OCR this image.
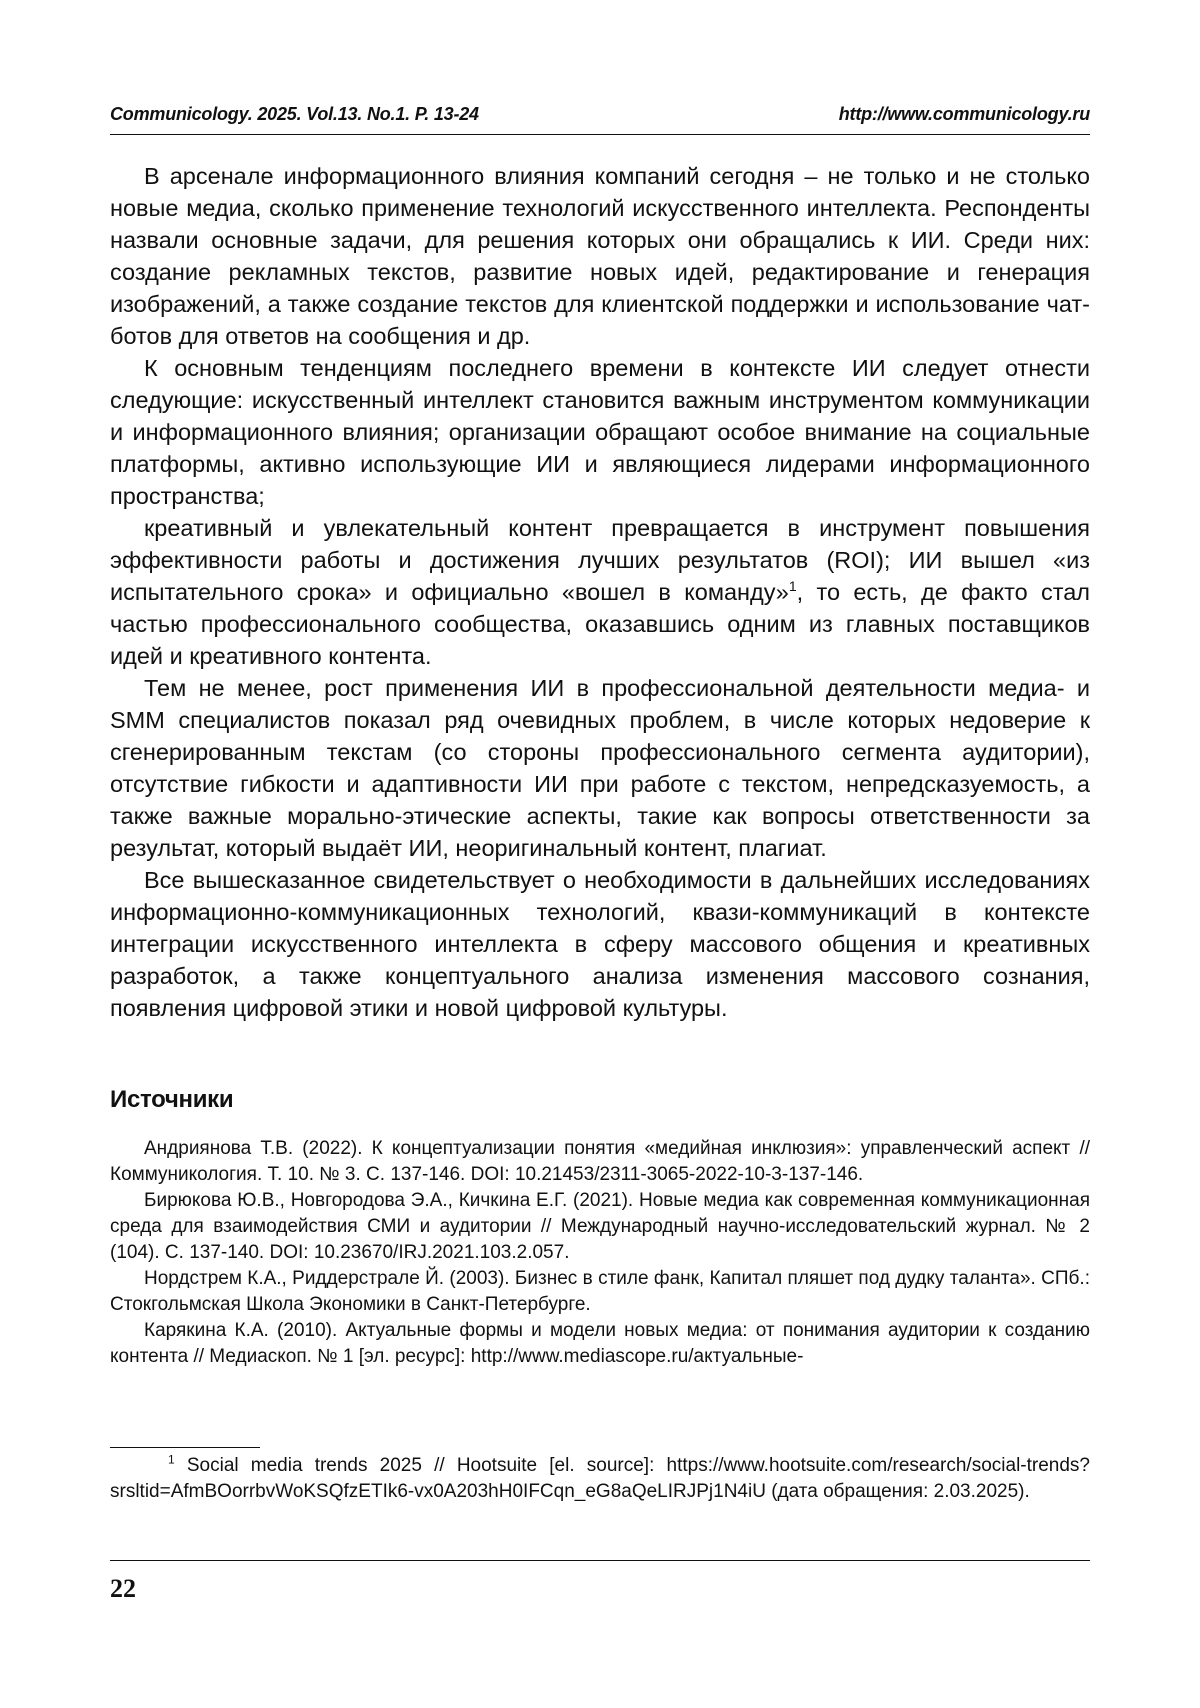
Communicology. 2025. Vol.13. No.1. P. 13-24	http://www.communicology.ru

В арсенале информационного влияния компаний сегодня – не только и не столько новые медиа, сколько применение технологий искусственного интеллекта. Респонденты назвали основные задачи, для решения которых они обращались к ИИ. Среди них: создание рекламных текстов, развитие новых идей, редактирование и генерация изображений, а также создание текстов для клиентской поддержки и использование чат-ботов для ответов на сообщения и др.

К основным тенденциям последнего времени в контексте ИИ следует отнести следующие: искусственный интеллект становится важным инструментом коммуникации и информационного влияния; организации обращают особое внимание на социальные платформы, активно использующие ИИ и являющиеся лидерами информационного пространства;

креативный и увлекательный контент превращается в инструмент повышения эффективности работы и достижения лучших результатов (ROI); ИИ вышел «из испытательного срока» и официально «вошел в команду»$^1$, то есть, де факто стал частью профессионального сообщества, оказавшись одним из главных поставщиков идей и креативного контента.

Тем не менее, рост применения ИИ в профессиональной деятельности медиа- и SMM специалистов показал ряд очевидных проблем, в числе которых недоверие к сгенерированным текстам (со стороны профессионального сегмента аудитории), отсутствие гибкости и адаптивности ИИ при работе с текстом, непредсказуемость, а также важные морально-этические аспекты, такие как вопросы ответственности за результат, который выдаёт ИИ, неоригинальный контент, плагиат.

Все вышесказанное свидетельствует о необходимости в дальнейших исследованиях информационно-коммуникационных технологий, квази-коммуникаций в контексте интеграции искусственного интеллекта в сферу массового общения и креативных разработок, а также концептуального анализа изменения массового сознания, появления цифровой этики и новой цифровой культуры.

Источники

Андриянова Т.В. (2022). К концептуализации понятия «медийная инклюзия»: управленческий аспект // Коммуникология. Т. 10. № 3. С. 137-146. DOI: 10.21453/2311-3065-2022-10-3-137-146.

Бирюкова Ю.В., Новгородова Э.А., Кичкина Е.Г. (2021). Новые медиа как современная коммуникационная среда для взаимодействия СМИ и аудитории // Международный научно-исследовательский журнал. № 2 (104). С. 137-140. DOI: 10.23670/IRJ.2021.103.2.057.

Нордстрем К.А., Риддерстрале Й. (2003). Бизнес в стиле фанк, Капитал пляшет под дудку таланта». СПб.: Стокгольмская Школа Экономики в Санкт-Петербурге.

Карякина К.А. (2010). Актуальные формы и модели новых медиа: от понимания аудитории к созданию контента // Медиаскоп. № 1 [эл. ресурс]: http://www.mediascope.ru/актуальные-

$^1$ Social media trends 2025 // Hootsuite [el. source]: https://www.hootsuite.com/research/social-trends?srsltid=AfmBOorrbvWoKSQfzETIk6-vx0A203hH0IFCqn_eG8aQeLIRJPj1N4iU (дата обращения: 2.03.2025).

22
